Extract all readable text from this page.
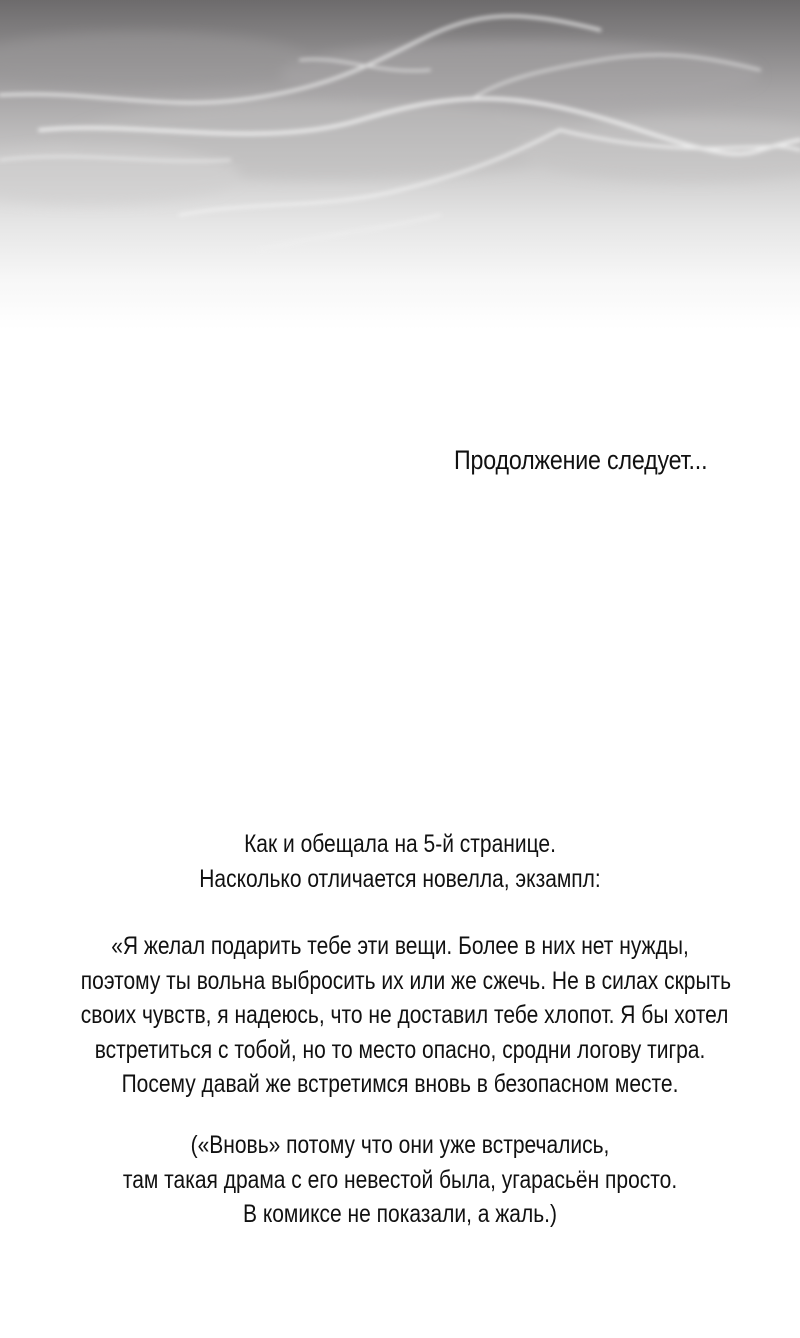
Продолжение следует...
Как и обещала на 5-й странице.
Насколько отличается новелла, экзампл:
«Я желал подарить тебе эти вещи. Более в них нет нужды,
поэтому ты вольна выбросить их или же сжечь. Не в силах скрыть
своих чувств, я надеюсь, что не доставил тебе хлопот. Я бы хотел
встретиться с тобой, но то место опасно, сродни логову тигра.
Посему давай же встретимся вновь в безопасном месте.
(«Вновь» потому что они уже встречались,
там такая драма с его невестой была, угарасьён просто.
В комиксе не показали, а жаль.)
